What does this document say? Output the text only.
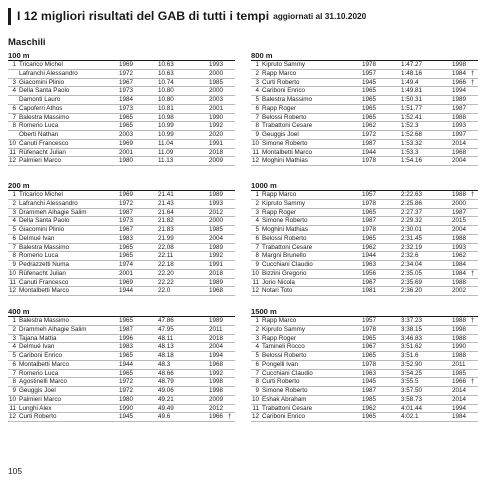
I 12 migliori risultati del GAB di tutti i tempi aggiornati al 31.10.2020
Maschili
100 m
1 Tricarico Michel	1969	10.63	1993
Lafranchi Alessandro	1972	10.63	2000
3 Giacomini Plinio	1967	10.74	1985
4 Della Santa Paolo	1973	10.80	2000
Damonti Lauro	1984	10.80	2003
6 Capoferri Athos	1973	10.81	2001
7 Balestra Massimo	1965	10.98	1990
8 Romerio Luca	1965	10.99	1992
Oberti Nathan	2003	10.99	2020
10 Canuti Francesco	1969	11.04	1991
11 Rüfenacht Julian	2001	11.09	2018
12 Palmieri Marco	1980	11.13	2009
200 m
1 Tricarico Michel	1969	21.41	1989
2 Lafranchi Alessandro	1972	21.43	1993
3 Drammeh Alhagie Salim	1987	21.64	2012
4 Della Santa Paolo	1973	21.82	2000
5 Giacomini Plinio	1967	21.83	1985
6 Delmué Ivan	1983	21.99	2004
7 Balestra Massimo	1965	22.08	1989
8 Romerio Luca	1965	22.11	1992
9 Pedrazzetti Numa	1974	22.18	1991
10 Rüfenacht Julian	2001	22.20	2018
11 Canuti Francesco	1969	22.22	1989
12 Montalbetti Marco	1944	22.0	1968
400 m
1 Balestra Massimo	1965	47.86	1989
2 Drammeh Alhagie Salim	1987	47.95	2011
3 Tajana Mattia	1996	48.11	2018
4 Delmué Ivan	1983	48.13	2004
5 Cariboni Enrico	1965	48.18	1994
6 Montalbetti Marco	1944	48.3	1968
7 Romerio Luca	1965	48.66	1992
8 Agostinelli Marco	1972	48.79	1998
9 Geuggis Joel	1972	49.06	1998
10 Palmieri Marco	1980	49.21	2009
11 Lunghi Alex	1990	49.49	2012
12 Curti Roberto	1945	49.6	1966 †
800 m
1 Kipruto Sammy	1978	1:47.27	1998
2 Rapp Marco	1957	1:48.16	1984 †
3 Curti Roberto	1945	1:49.4	1966 †
4 Cariboni Enrico	1965	1:49.81	1994
5 Balestra Massimo	1965	1:50.31	1989
6 Rapp Roger	1965	1:51.77	1987
7 Belossi Roberto	1965	1:52.41	1988
8 Trabattoni Cesare	1962	1:52.3	1993
9 Geuggis Joel	1972	1:52.68	1997
10 Simone Roberto	1987	1:53.32	2014
11 Montalbetti Marco	1944	1:53.3	1968
12 Moghini Mathias	1978	1:54.16	2004
1000 m
1 Rapp Marco	1957	2:22.63	1988 †
2 Kipruto Sammy	1978	2:25.86	2000
3 Rapp Roger	1965	2:27.37	1987
4 Simone Roberto	1987	2:29.32	2015
5 Moghini Mathias	1978	2:30.01	2004
6 Belossi Roberto	1965	2:31.45	1988
7 Trabattoni Cesare	1962	2:32.19	1993
8 Margni Brunello	1944	2:32.6	1962
9 Cucchiani Claudio	1963	2:34.04	1984
10 Bizzini Gregorio	1956	2:35.05	1984 †
11 Jorio Nicola	1967	2:35.69	1988
12 Notari Toto	1981	2:36.20	2002
1500 m
1 Rapp Marco	1957	3:37.23	1988 †
2 Kipruto Sammy	1978	3:38.15	1998
3 Rapp Roger	1965	3:46.83	1988
4 Tamineli Rocco	1967	3:51.62	1990
5 Belossi Roberto	1965	3:51.6	1988
6 Pongelli Ivan	1978	3:52.90	2011
7 Cucchiani Claudio	1963	3:54.25	1985
8 Curti Roberto	1945	3:55.5	1966 †
9 Simone Roberto	1987	3:57.50	2014
10 Eshak Abraham	1985	3:58.73	2014
11 Trabattoni Cesare	1962	4:01.44	1994
12 Cariboni Enrico	1965	4:02.1	1984
105
